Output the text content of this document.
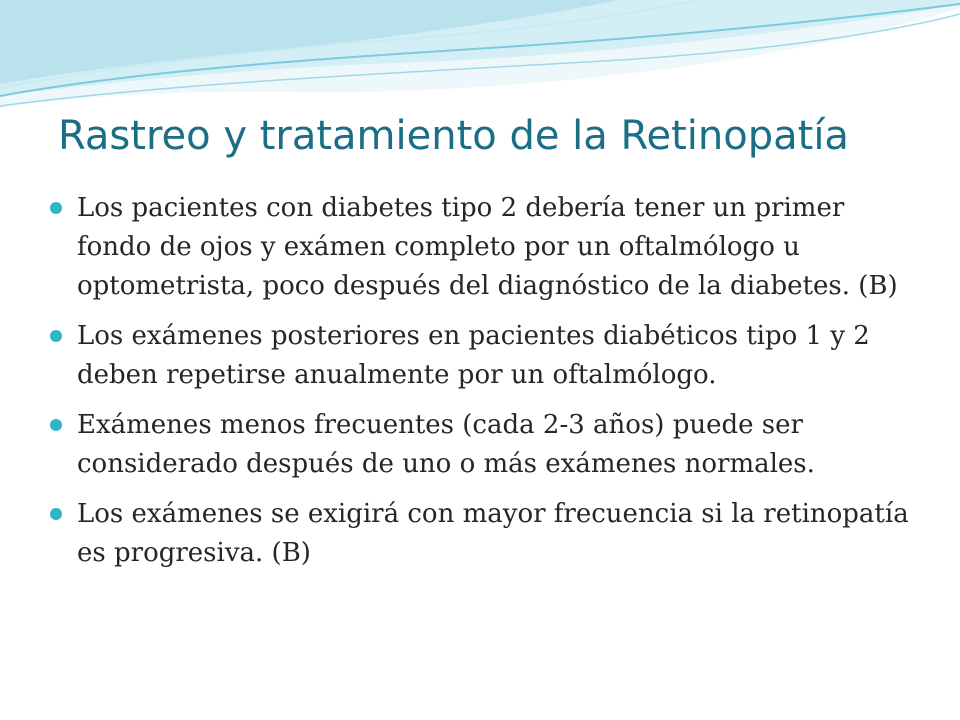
Rastreo y tratamiento de la Retinopatía
Los pacientes con diabetes tipo 2 debería tener un primer fondo de ojos y exámen completo por un oftalmólogo u optometrista, poco después del diagnóstico de la diabetes. (B)
Los exámenes posteriores en pacientes diabéticos tipo 1 y 2 deben repetirse anualmente por un oftalmólogo.
Exámenes menos frecuentes (cada 2-3 años) puede ser considerado después de uno o más exámenes normales.
Los exámenes se exigirá con mayor frecuencia si la retinopatía es progresiva. (B)
